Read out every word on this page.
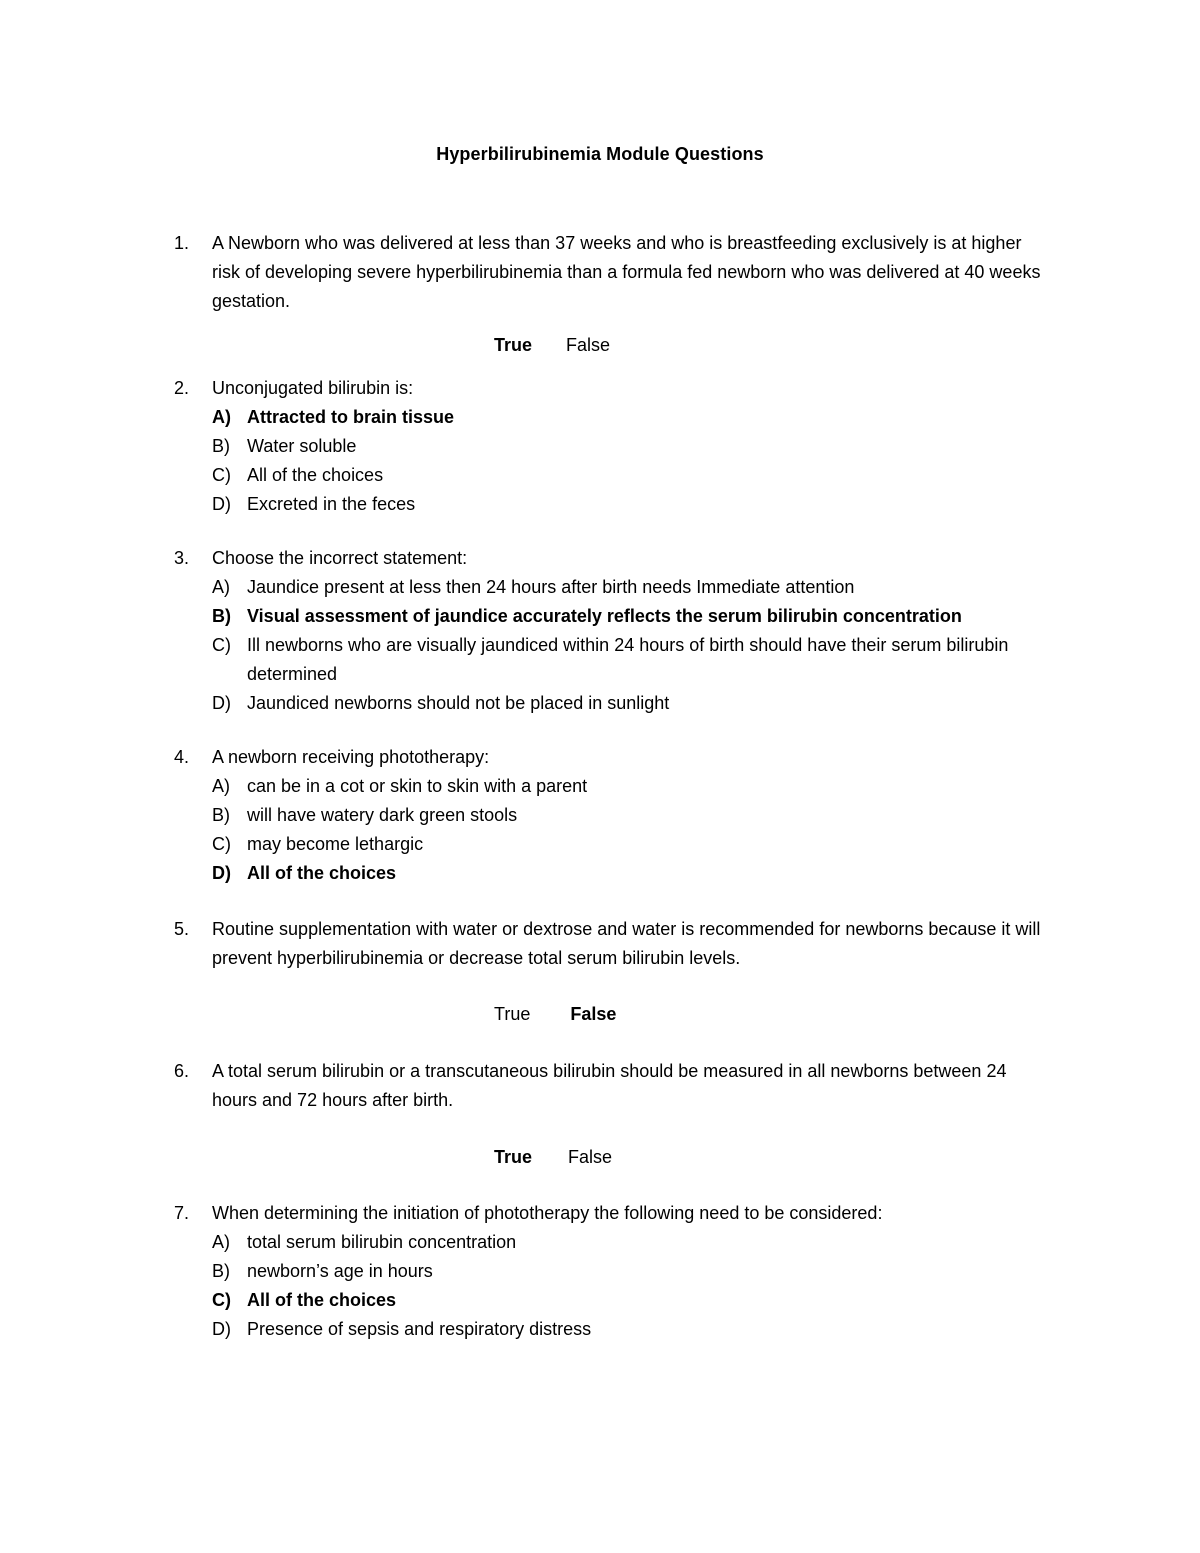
Hyperbilirubinemia Module Questions
1. A Newborn who was delivered at less than 37 weeks and who is breastfeeding exclusively is at higher risk of developing severe hyperbilirubinemia than a formula fed newborn who was delivered at 40 weeks gestation.
True False
2. Unconjugated bilirubin is:
A) Attracted to brain tissue
B) Water soluble
C) All of the choices
D) Excreted in the feces
3. Choose the incorrect statement:
A) Jaundice present at less then 24 hours after birth needs Immediate attention
B) Visual assessment of jaundice accurately reflects the serum bilirubin concentration
C) Ill newborns who are visually jaundiced within 24 hours of birth should have their serum bilirubin determined
D) Jaundiced newborns should not be placed in sunlight
4. A newborn receiving phototherapy:
A) can be in a cot or skin to skin with a parent
B) will have watery dark green stools
C) may become lethargic
D) All of the choices
5. Routine supplementation with water or dextrose and water is recommended for newborns because it will prevent hyperbilirubinemia or decrease total serum bilirubin levels.
True False
6. A total serum bilirubin or a transcutaneous bilirubin should be measured in all newborns between 24 hours and 72 hours after birth.
True False
7. When determining the initiation of phototherapy the following need to be considered:
A) total serum bilirubin concentration
B) newborn’s age in hours
C) All of the choices
D) Presence of sepsis and respiratory distress
